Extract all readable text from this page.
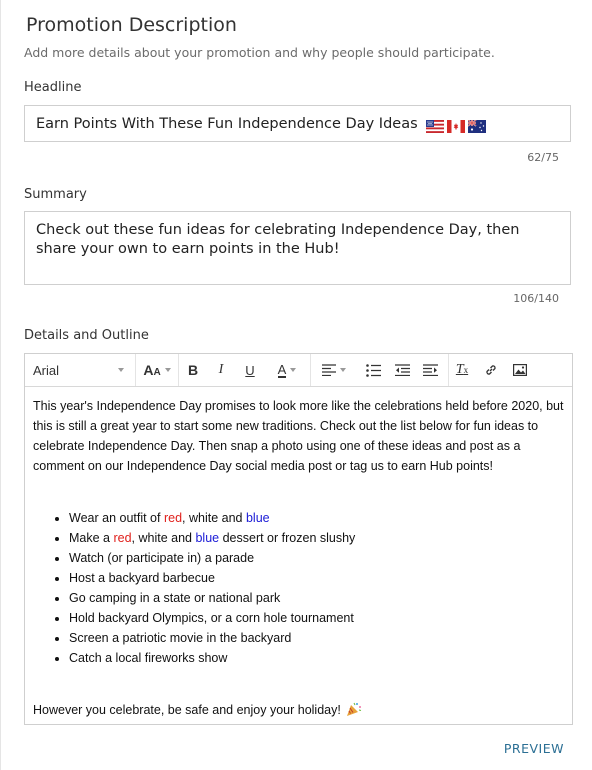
Promotion Description
Add more details about your promotion and why people should participate.
Headline
Earn Points With These Fun Independence Day Ideas
62/75
Summary
Check out these fun ideas for celebrating Independence Day, then share your own to earn points in the Hub!
106/140
Details and Outline
Arial	AA B I U A	Tx

This year's Independence Day promises to look more like the celebrations held before 2020, but this is still a great year to start some new traditions. Check out the list below for fun ideas to celebrate Independence Day. Then snap a photo using one of these ideas and post as a comment on our Independence Day social media post or tag us to earn Hub points!

• Wear an outfit of red, white and blue
• Make a red, white and blue dessert or frozen slushy
• Watch (or participate in) a parade
• Host a backyard barbecue
• Go camping in a state or national park
• Hold backyard Olympics, or a corn hole tournament
• Screen a patriotic movie in the backyard
• Catch a local fireworks show

However you celebrate, be safe and enjoy your holiday!

PREVIEW
